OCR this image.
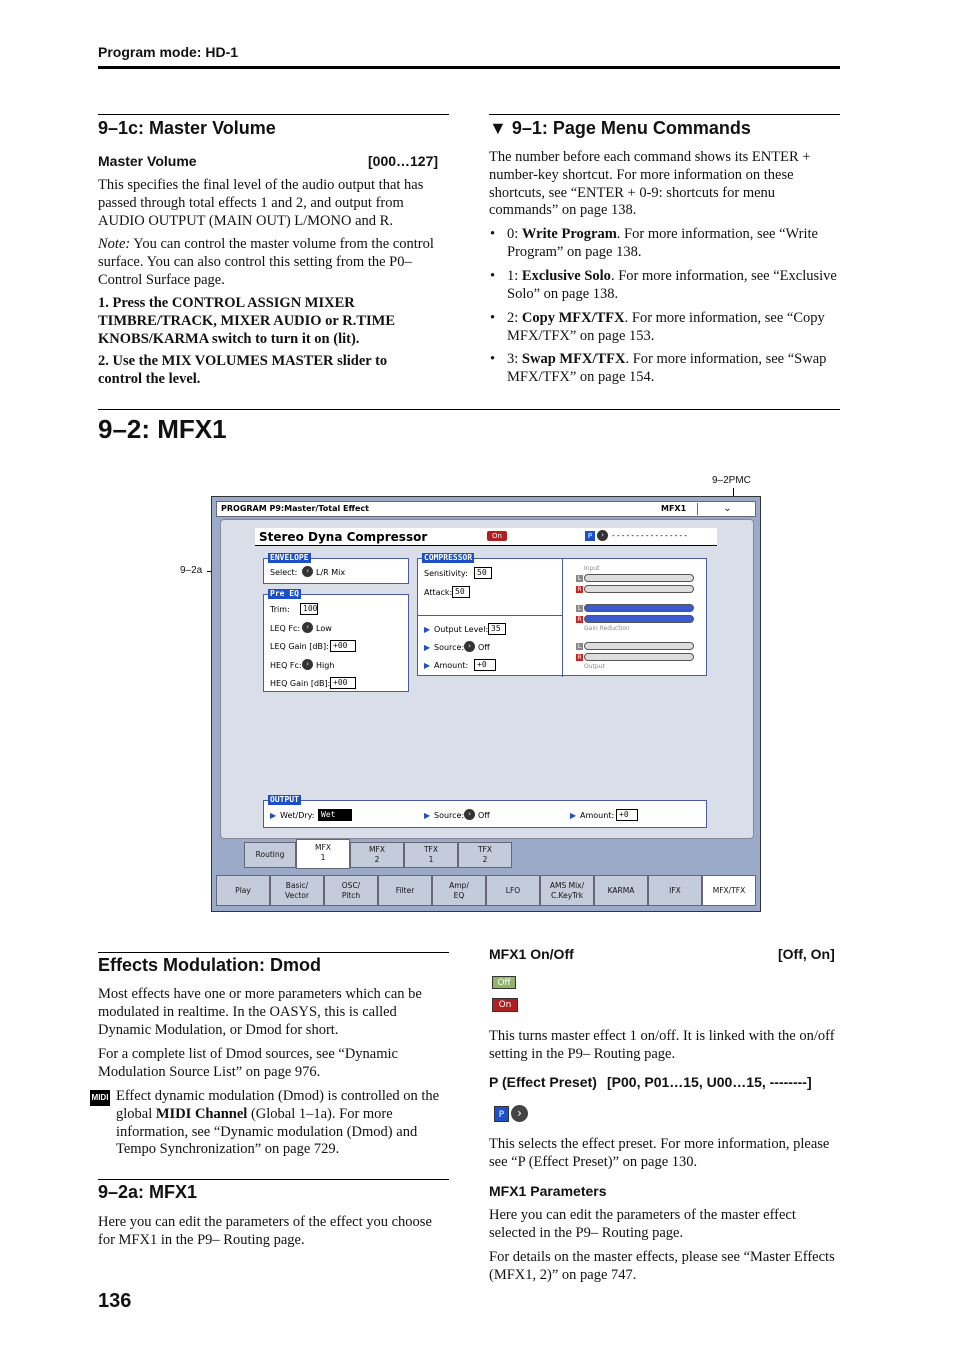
Program mode: HD-1
9–1c: Master Volume
Master Volume	[000…127]
This specifies the final level of the audio output that has passed through total effects 1 and 2, and output from AUDIO OUTPUT (MAIN OUT) L/MONO and R.
Note: You can control the master volume from the control surface. You can also control this setting from the P0– Control Surface page.
1. Press the CONTROL ASSIGN MIXER TIMBRE/TRACK, MIXER AUDIO or R.TIME KNOBS/KARMA switch to turn it on (lit).
2. Use the MIX VOLUMES MASTER slider to control the level.
▼ 9–1: Page Menu Commands
The number before each command shows its ENTER + number-key shortcut. For more information on these shortcuts, see “ENTER + 0-9: shortcuts for menu commands” on page 138.
• 0: Write Program. For more information, see “Write Program” on page 138.
• 1: Exclusive Solo. For more information, see “Exclusive Solo” on page 138.
• 2: Copy MFX/TFX. For more information, see “Copy MFX/TFX” on page 153.
• 3: Swap MFX/TFX. For more information, see “Swap MFX/TFX” on page 154.
9–2: MFX1
9–2PMC
9–2a
PROGRAM P9:Master/Total Effect	MFX1	⌄
Stereo Dyna Compressor	On	P	› ----------------
ENVELOPE
Select:	› L/R Mix
Pre EQ
Trim:	100
LEQ Fc: › Low
LEQ Gain [dB]: +00
HEQ Fc: › High
HEQ Gain [dB]: +00
COMPRESSOR
Sensitivity:	50
Attack: 50
▶ Output Level: 35
▶ Source: › Off
▶ Amount:	+0
L
R
Input
L
R
Gain Reduction
L
R
Output
OUTPUT
▶ Wet/Dry: Wet	▶ Source: › Off	▶ Amount: +0
Routing
MFX
1
MFX
2
TFX
1
TFX
2
Play
Basic/
Vector
OSC/
Pitch
Filter
Amp/
EQ
LFO
AMS Mix/
C.KeyTrk
KARMA	IFX	MFX/TFX
Effects Modulation: Dmod
Most effects have one or more parameters which can be modulated in realtime. In the OASYS, this is called Dynamic Modulation, or Dmod for short.
For a complete list of Dmod sources, see “Dynamic Modulation Source List” on page 976.
MIDI Effect dynamic modulation (Dmod) is controlled on the global MIDI Channel (Global 1–1a). For more information, see “Dynamic modulation (Dmod) and Tempo Synchronization” on page 729.
9–2a: MFX1
Here you can edit the parameters of the effect you choose for MFX1 in the P9– Routing page.
MFX1 On/Off	[Off, On]
Off
On
This turns master effect 1 on/off. It is linked with the on/off setting in the P9– Routing page.
P (Effect Preset) [P00, P01…15, U00…15, --------]
P	›
This selects the effect preset. For more information, please see “P (Effect Preset)” on page 130.
MFX1 Parameters
Here you can edit the parameters of the master effect selected in the P9– Routing page.
For details on the master effects, please see “Master Effects (MFX1, 2)” on page 747.
136
